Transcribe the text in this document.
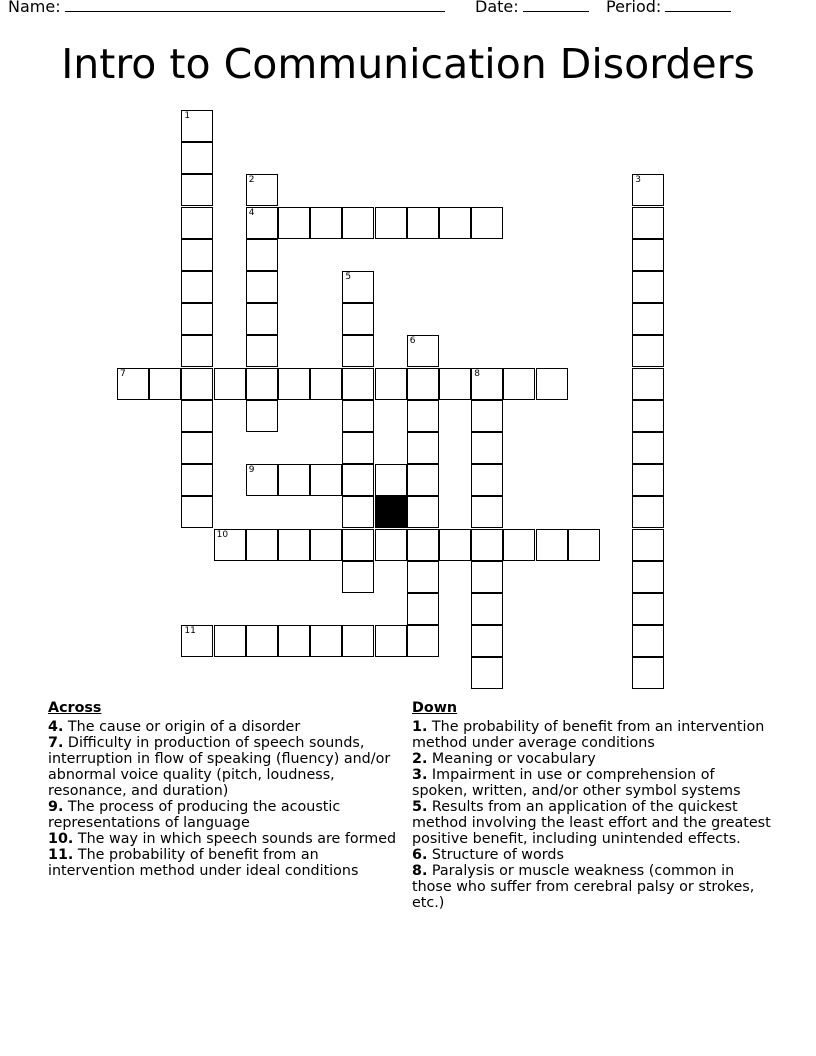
Name:	Date:	Period:
Intro to Communication Disorders
1
2
4
3
5
6
7	8
9
10
11
Across

4. The cause or origin of a disorder

7. Difficulty in production of speech sounds, interruption in flow of speaking (fluency) and/or abnormal voice quality (pitch, loudness, resonance, and duration)

9. The process of producing the acoustic representations of language

10. The way in which speech sounds are formed

11. The probability of benefit from an intervention method under ideal conditions

Down

1. The probability of benefit from an intervention method under average conditions

2. Meaning or vocabulary

3. Impairment in use or comprehension of spoken, written, and/or other symbol systems

5. Results from an application of the quickest method involving the least effort and the greatest positive benefit, including unintended effects.

6. Structure of words

8. Paralysis or muscle weakness (common in those who suffer from cerebral palsy or strokes, etc.)
